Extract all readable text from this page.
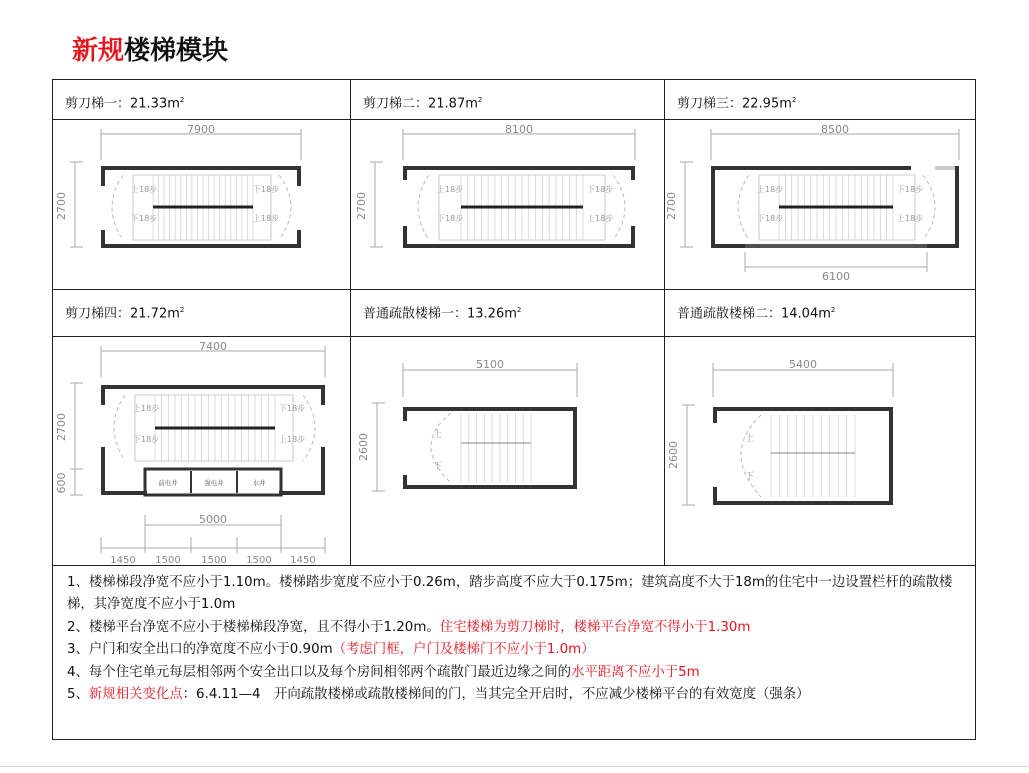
新规楼梯模块
剪刀梯一：$21.33m^2$	剪刀梯二：$21.87m^2$	剪刀梯三：$22.95m^2$
7900
2700
上18步
下18步
下18步
上18步
8100
2700
上18步
下18步
下18步
上18步
8500
2700
6100
上18步
下18步
下18步
上18步
剪刀梯四：$21.72m^2$	普通疏散楼梯一：$13.26m^2$	普通疏散楼梯二：$14.04m^2$
7400
2700
600
5000
1450 1500 1500 1500 1450
前电井	强电井	水井
上18步
下18步
下18步
上18步
5100
2600	上
下
5400
2600
上
下

1、楼梯梯段净宽不应小于1.10m。楼梯踏步宽度不应小于0.26m，踏步高度不应大于0.175m；建筑高度不大于18m的住宅中一边设置栏杆的疏散楼梯，其净宽度不应小于1.0m

2、楼梯平台净宽不应小于楼梯梯段净宽，且不得小于1.20m。住宅楼梯为剪刀梯时，楼梯平台净宽不得小于1.30m

3、户门和安全出口的净宽度不应小于0.90m（考虑门框，户门及楼梯门不应小于1.0m）

4、每个住宅单元每层相邻两个安全出口以及每个房间相邻两个疏散门最近边缘之间的水平距离不应小于5m

5、新规相关变化点：6.4.11—4　开向疏散楼梯或疏散楼梯间的门，当其完全开启时，不应减少楼梯平台的有效宽度（强条）
